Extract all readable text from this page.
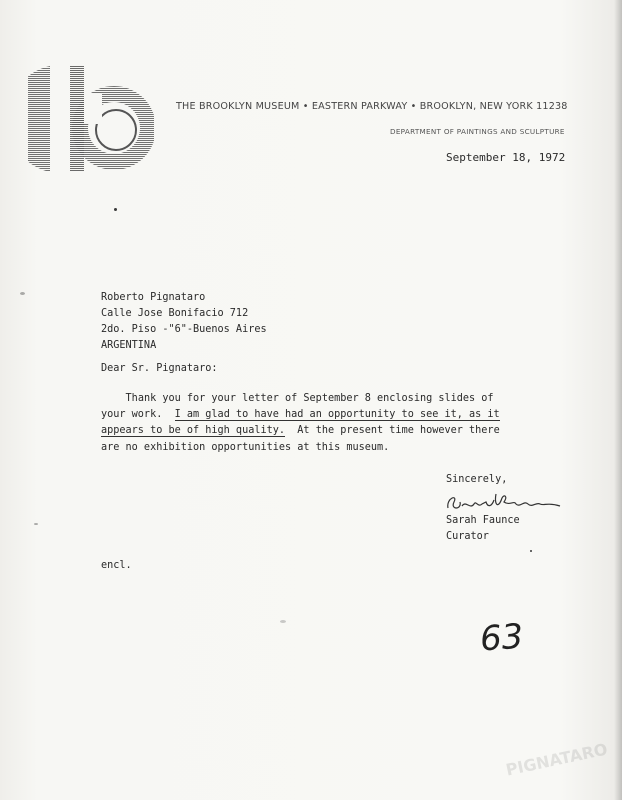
THE BROOKLYN MUSEUM • EASTERN PARKWAY • BROOKLYN, NEW YORK 11238
DEPARTMENT OF PAINTINGS AND SCULPTURE
September 18, 1972
Roberto Pignataro
Calle Jose Bonifacio 712
2do. Piso -"6"-Buenos Aires
ARGENTINA
Dear Sr. Pignataro:
Thank you for your letter of September 8 enclosing slides of
your work. I am glad to have had an opportunity to see it, as it
appears to be of high quality. At the present time however there
are no exhibition opportunities at this museum.
Sincerely,
Sarah Faunce
Curator
encl.
63
PIGNATARO
